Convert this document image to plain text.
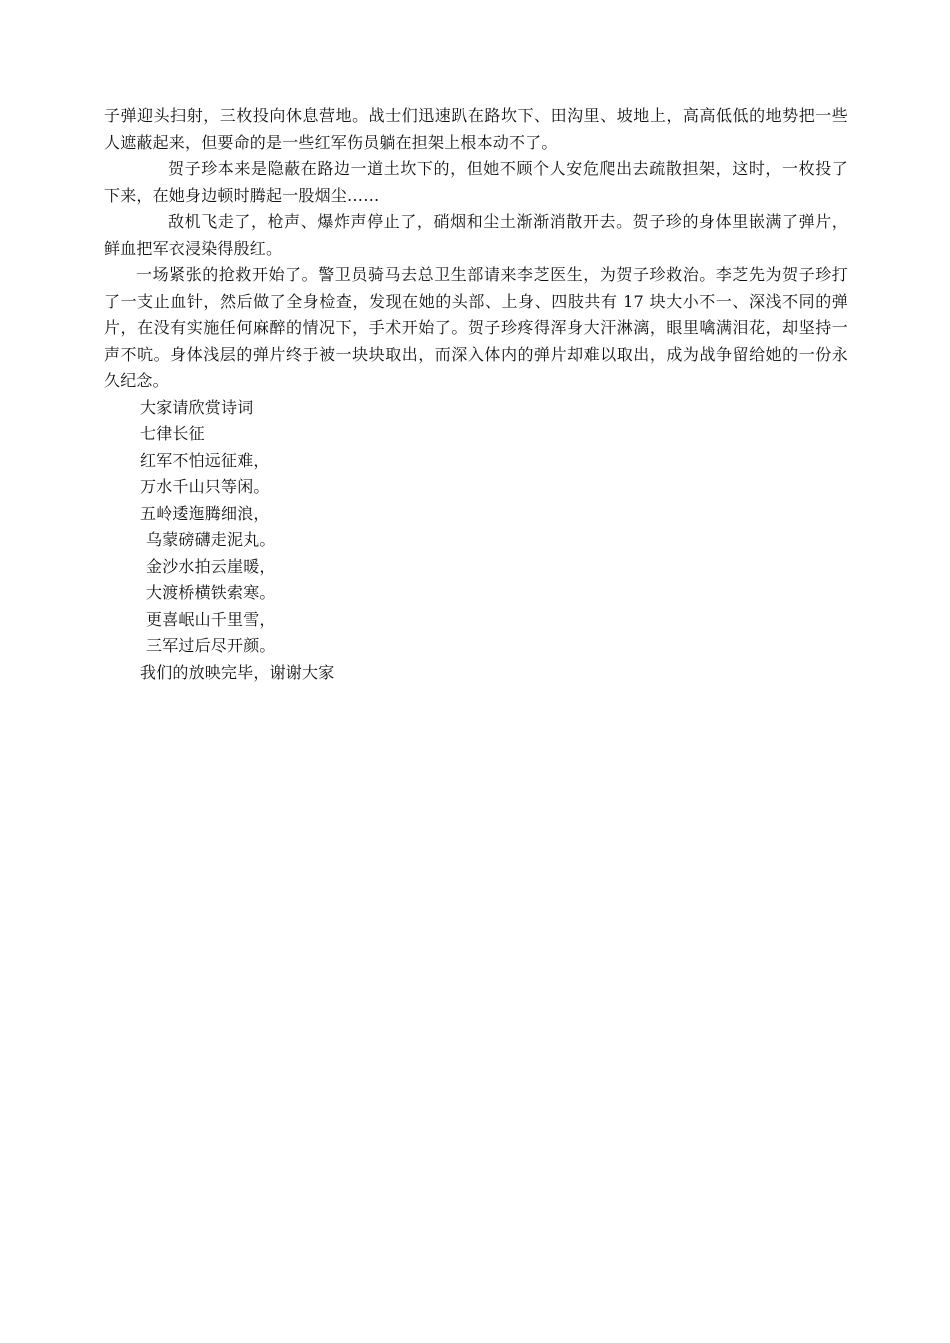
子弹迎头扫射，三枚投向休息营地。战士们迅速趴在路坎下、田沟里、坡地上，高高低低的地势把一些人遮蔽起来，但要命的是一些红军伤员躺在担架上根本动不了。

贺子珍本来是隐蔽在路边一道土坎下的，但她不顾个人安危爬出去疏散担架，这时，一枚投了下来，在她身边顿时腾起一股烟尘……

敌机飞走了，枪声、爆炸声停止了，硝烟和尘土渐渐消散开去。贺子珍的身体里嵌满了弹片，鲜血把军衣浸染得殷红。

一场紧张的抢救开始了。警卫员骑马去总卫生部请来李芝医生，为贺子珍救治。李芝先为贺子珍打了一支止血针，然后做了全身检查，发现在她的头部、上身、四肢共有 17 块大小不一、深浅不同的弹片，在没有实施任何麻醉的情况下，手术开始了。贺子珍疼得浑身大汗淋漓，眼里噙满泪花，却坚持一声不吭。身体浅层的弹片终于被一块块取出，而深入体内的弹片却难以取出，成为战争留给她的一份永久纪念。

大家请欣赏诗词

七律长征

红军不怕远征难，

万水千山只等闲。

五岭逶迤腾细浪，

乌蒙磅礴走泥丸。

金沙水拍云崖暖，

大渡桥横铁索寒。

更喜岷山千里雪，

三军过后尽开颜。

我们的放映完毕，谢谢大家
